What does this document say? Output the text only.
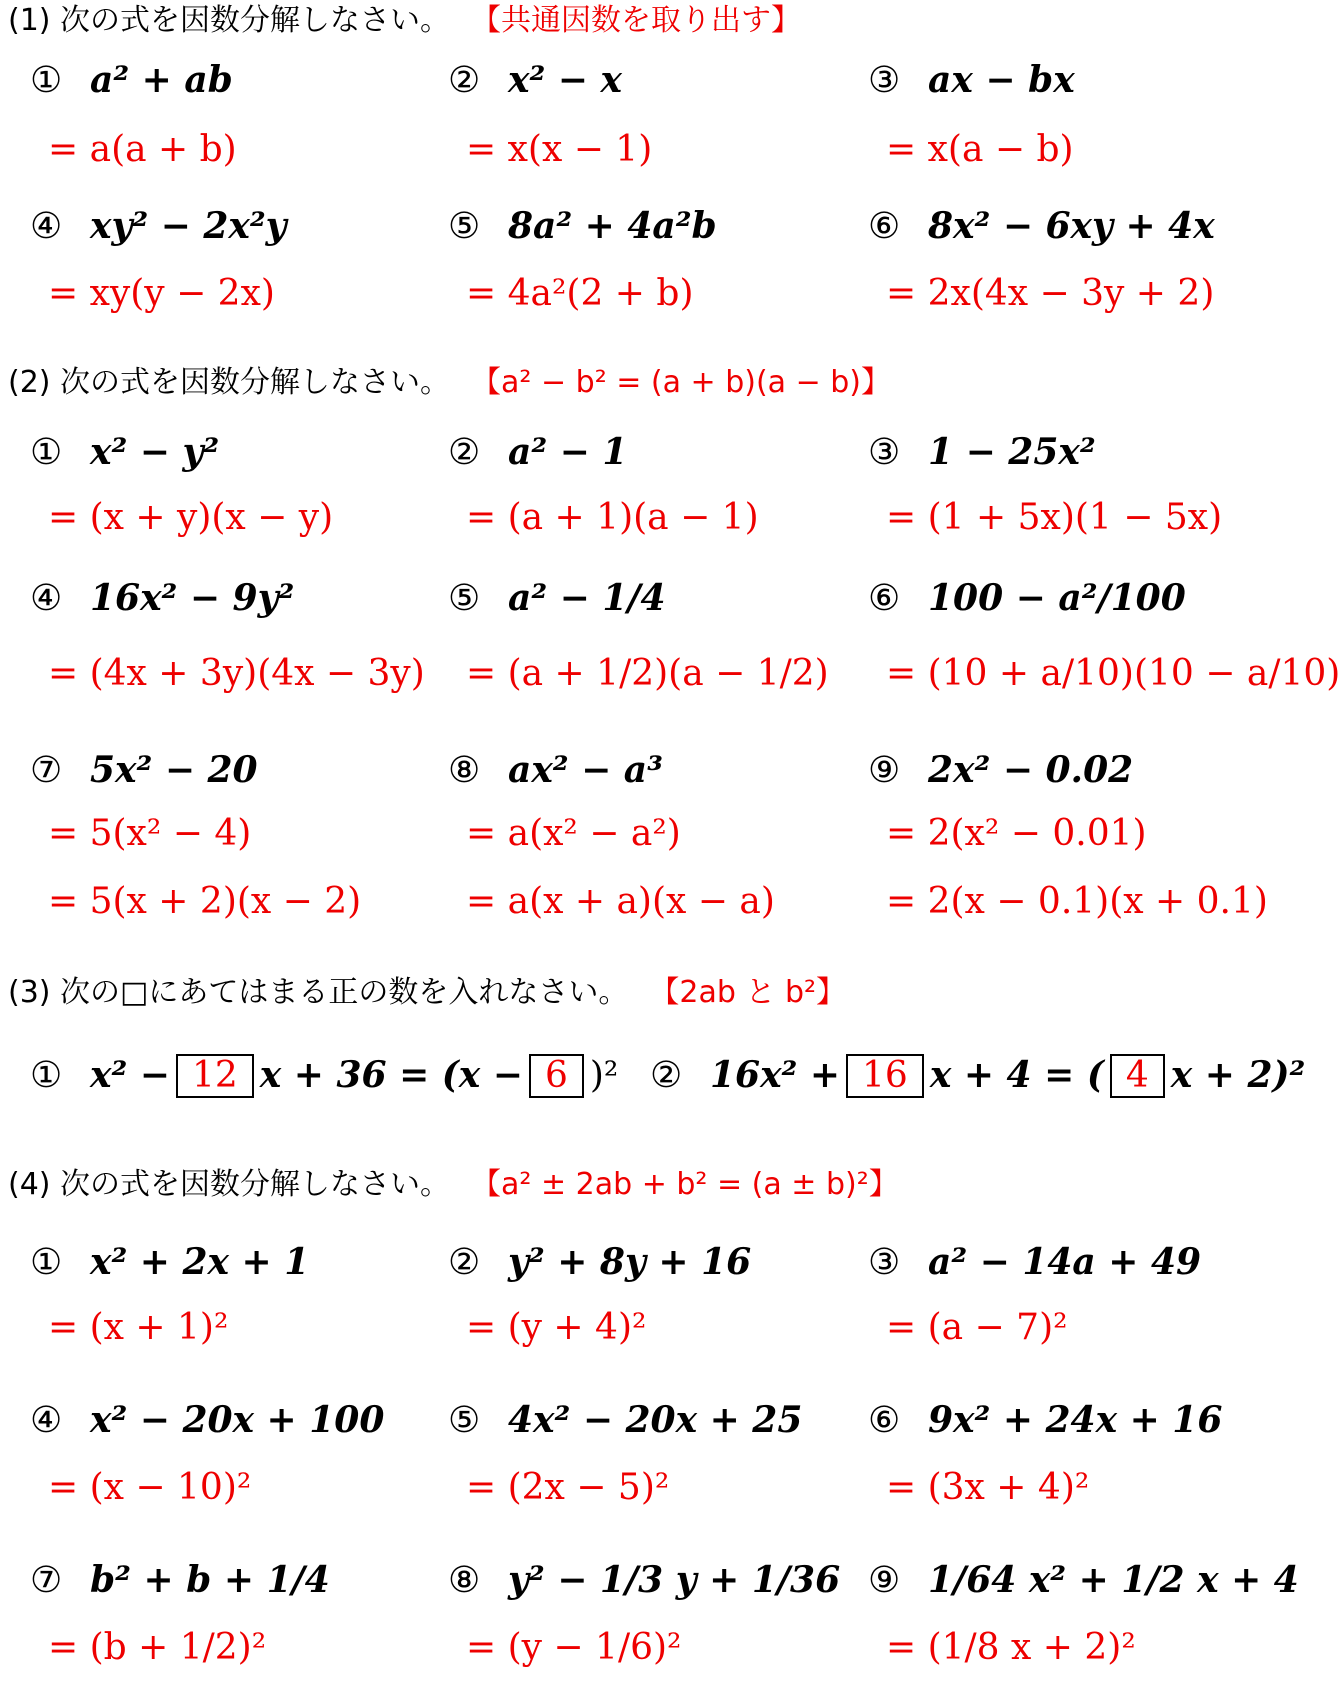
(1) 次の式を因数分解しなさい。 【共通因数を取り出す】
① a² + ab	② x² − x	③ ax − bx
= a(a + b)	= x(x − 1)	= x(a − b)
④ xy² − 2x²y	⑤ 8a² + 4a²b	⑥ 8x² − 6xy + 4x
= xy(y − 2x)	= 4a²(2 + b)	= 2x(4x − 3y + 2)
(2) 次の式を因数分解しなさい。 【a² − b² = (a + b)(a − b)】
① x² − y²	② a² − 1	③ 1 − 25x²
= (x + y)(x − y)	= (a + 1)(a − 1)	= (1 + 5x)(1 − 5x)
④ 16x² − 9y²	⑤ a² − 1/4	⑥ 100 − a²/100
= (4x + 3y)(4x − 3y) = (a + 1/2)(a − 1/2) = (10 + a/10)(10 − a/10)
⑦ 5x² − 20	⑧ ax² − a³	⑨ 2x² − 0.02
= 5(x² − 4)	= a(x² − a²)	= 2(x² − 0.01)
= 5(x + 2)(x − 2)	= a(x + a)(x − a)	= 2(x − 0.1)(x + 0.1)
(3) 次の□にあてはまる正の数を入れなさい。 【2ab と b²】
① x² − 12 x + 36 = (x − 6 )² ② 16x² + 16 x + 4 = ( 4 x + 2)²
(4) 次の式を因数分解しなさい。 【a² ± 2ab + b² = (a ± b)²】
① x² + 2x + 1	② y² + 8y + 16	③ a² − 14a + 49
= (x + 1)²	= (y + 4)²	= (a − 7)²
④ x² − 20x + 100 ⑤ 4x² − 20x + 25 ⑥ 9x² + 24x + 16
= (x − 10)²	= (2x − 5)²	= (3x + 4)²
⑦ b² + b + 1/4	⑧ y² − 1/3 y + 1/36 ⑨ 1/64 x² + 1/2 x + 4
= (b + 1/2)²	= (y − 1/6)²	= (1/8 x + 2)²
